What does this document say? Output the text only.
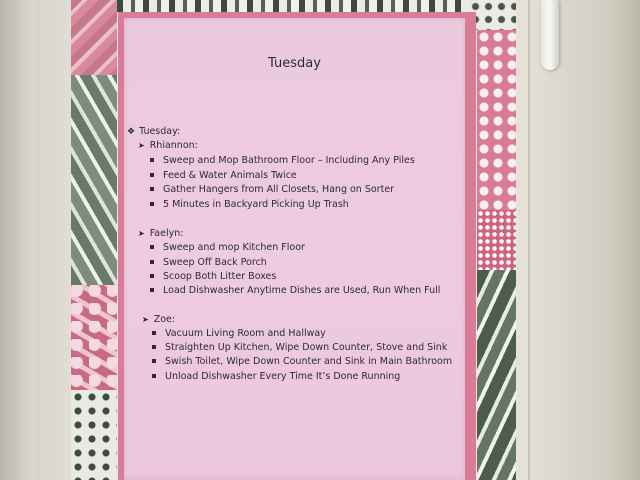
Tuesday
❖ Tuesday:
➤ Rhiannon:
Sweep and Mop Bathroom Floor – Including Any Piles
Feed & Water Animals Twice
Gather Hangers from All Closets, Hang on Sorter
5 Minutes in Backyard Picking Up Trash
➤ Faelyn:
Sweep and mop Kitchen Floor
Sweep Off Back Porch
Scoop Both Litter Boxes
Load Dishwasher Anytime Dishes are Used, Run When Full
➤ Zoe:
Vacuum Living Room and Hallway
Straighten Up Kitchen, Wipe Down Counter, Stove and Sink
Swish Toilet, Wipe Down Counter and Sink in Main Bathroom
Unload Dishwasher Every Time It’s Done Running
